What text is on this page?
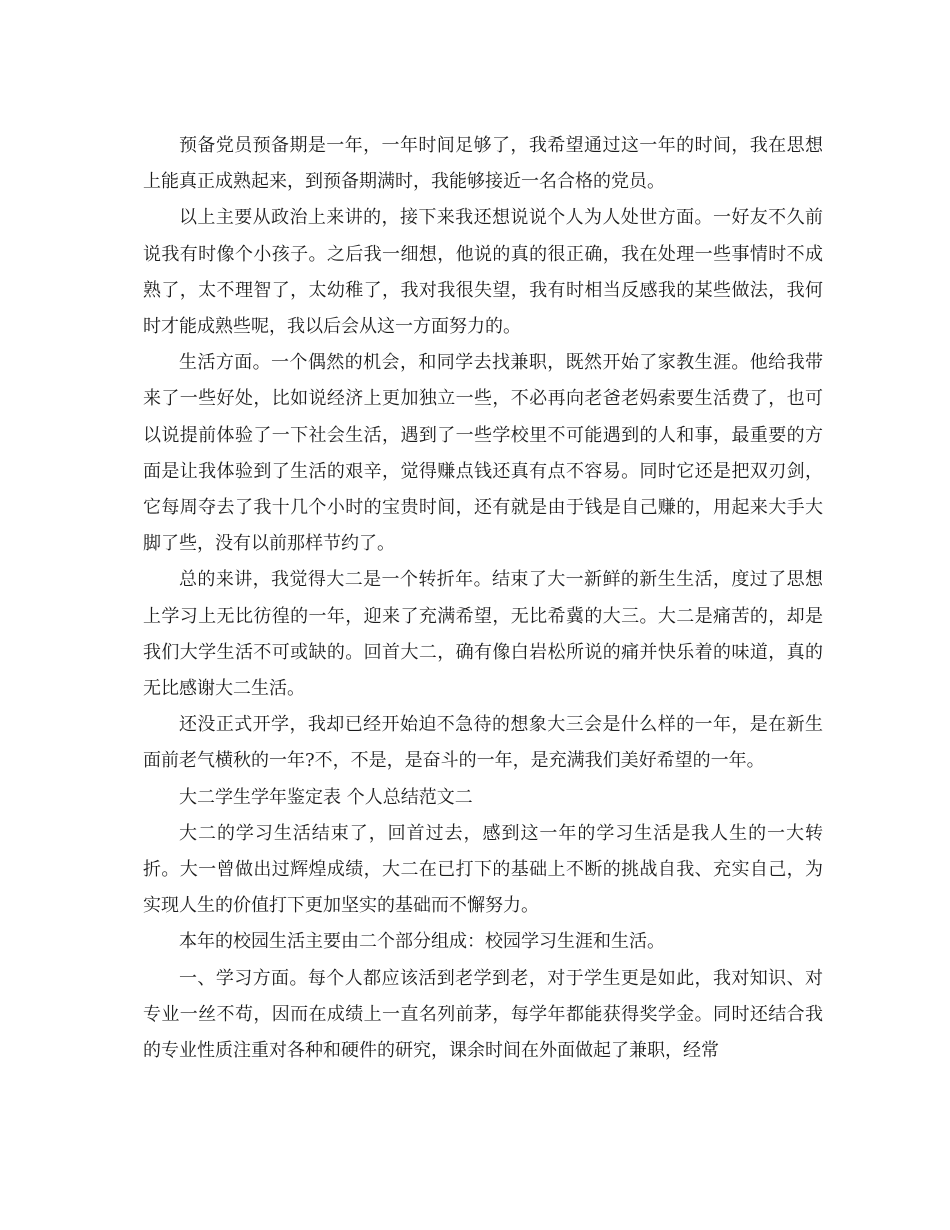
预备党员预备期是一年，一年时间足够了，我希望通过这一年的时间，我在思想上能真正成熟起来，到预备期满时，我能够接近一名合格的党员。

以上主要从政治上来讲的，接下来我还想说说个人为人处世方面。一好友不久前说我有时像个小孩子。之后我一细想，他说的真的很正确，我在处理一些事情时不成熟了，太不理智了，太幼稚了，我对我很失望，我有时相当反感我的某些做法，我何时才能成熟些呢，我以后会从这一方面努力的。

生活方面。一个偶然的机会，和同学去找兼职，既然开始了家教生涯。他给我带来了一些好处，比如说经济上更加独立一些，不必再向老爸老妈索要生活费了，也可以说提前体验了一下社会生活，遇到了一些学校里不可能遇到的人和事，最重要的方面是让我体验到了生活的艰辛，觉得赚点钱还真有点不容易。同时它还是把双刃剑，它每周夺去了我十几个小时的宝贵时间，还有就是由于钱是自己赚的，用起来大手大脚了些，没有以前那样节约了。

总的来讲，我觉得大二是一个转折年。结束了大一新鲜的新生生活，度过了思想上学习上无比彷徨的一年，迎来了充满希望，无比希冀的大三。大二是痛苦的，却是我们大学生活不可或缺的。回首大二，确有像白岩松所说的痛并快乐着的味道，真的无比感谢大二生活。

还没正式开学，我却已经开始迫不急待的想象大三会是什么样的一年，是在新生面前老气横秋的一年?不，不是，是奋斗的一年，是充满我们美好希望的一年。

大二学生学年鉴定表 个人总结范文二

大二的学习生活结束了，回首过去，感到这一年的学习生活是我人生的一大转折。大一曾做出过辉煌成绩，大二在已打下的基础上不断的挑战自我、充实自己，为实现人生的价值打下更加坚实的基础而不懈努力。

本年的校园生活主要由二个部分组成：校园学习生涯和生活。

一、学习方面。每个人都应该活到老学到老，对于学生更是如此，我对知识、对专业一丝不苟，因而在成绩上一直名列前茅，每学年都能获得奖学金。同时还结合我的专业性质注重对各种和硬件的研究，课余时间在外面做起了兼职，经常
